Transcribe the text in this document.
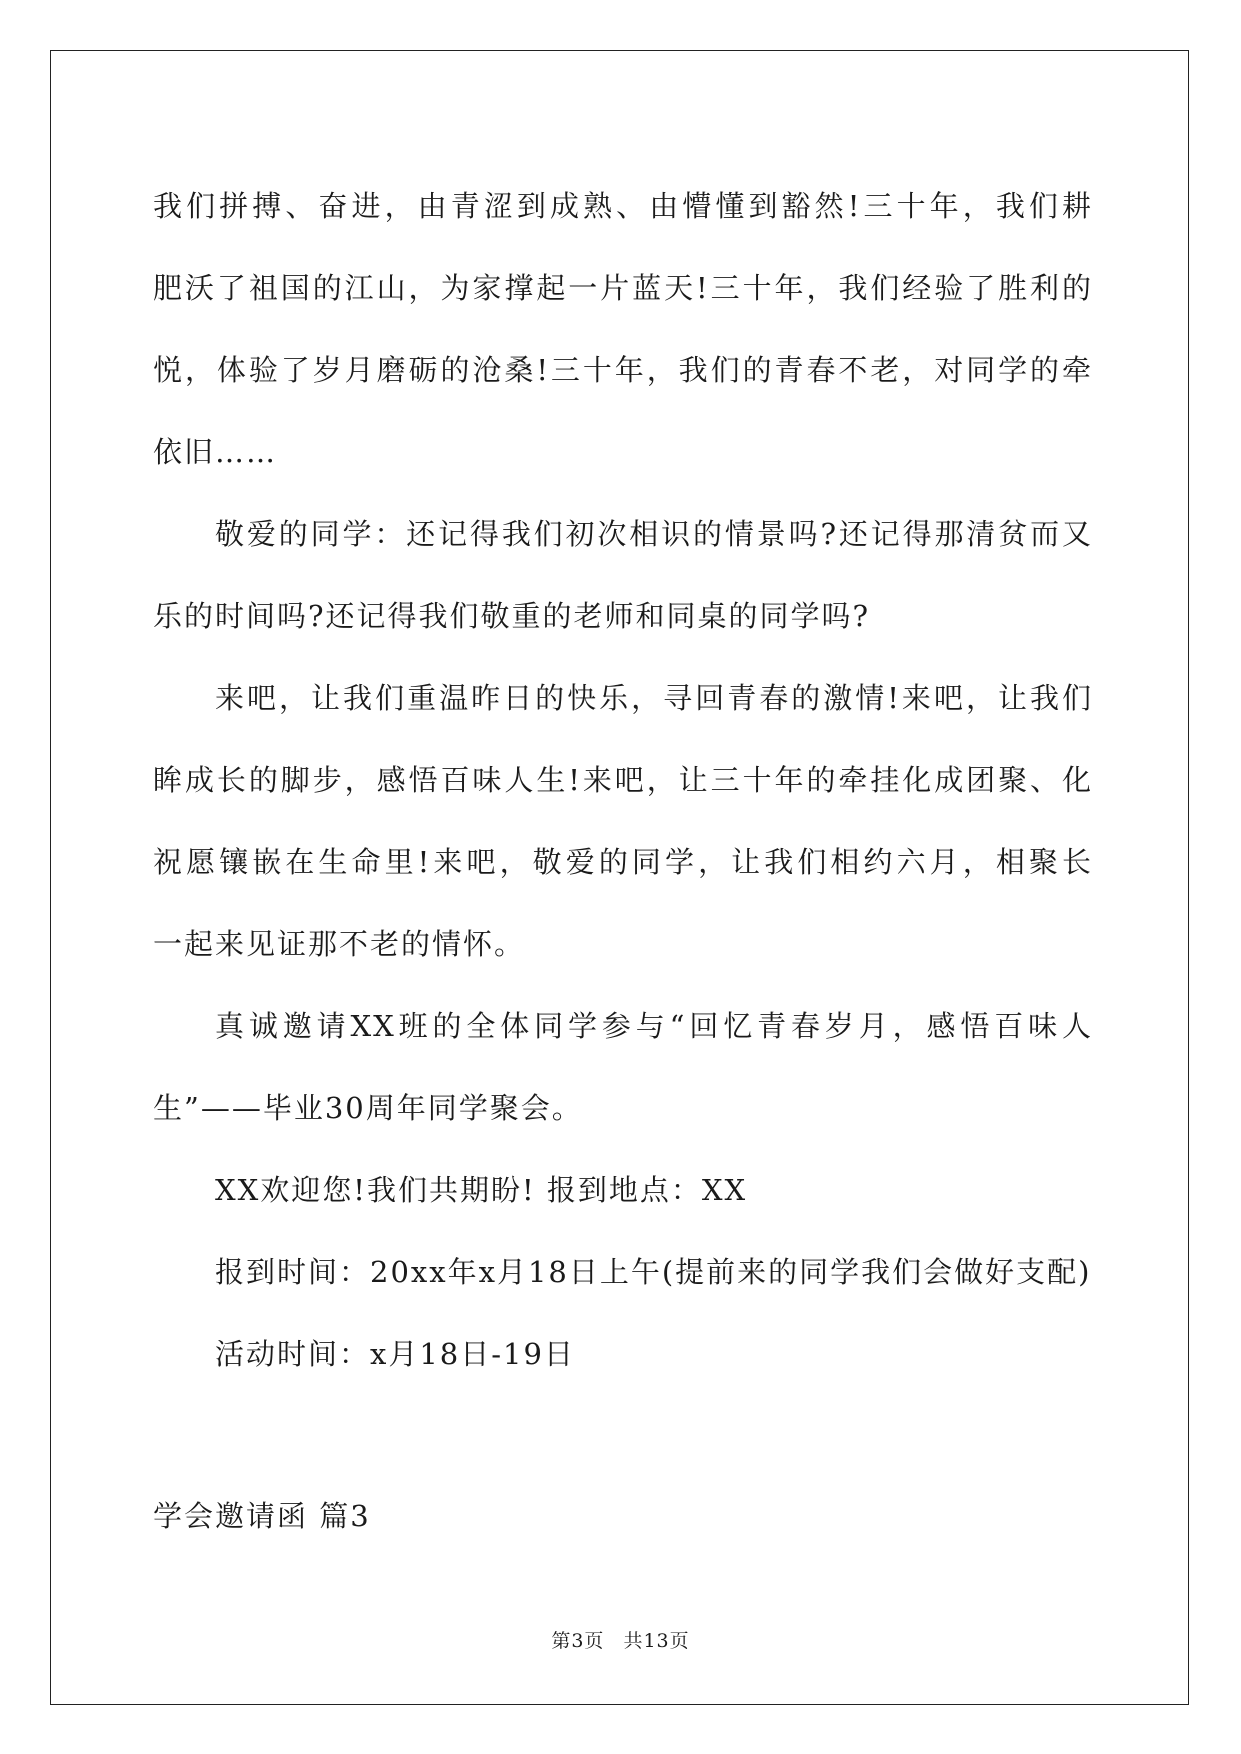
我们拼搏、奋进，由青涩到成熟、由懵懂到豁然!三十年，我们耕
肥沃了祖国的江山，为家撑起一片蓝天!三十年，我们经验了胜利的
悦，体验了岁月磨砺的沧桑!三十年，我们的青春不老，对同学的牵
依旧……
敬爱的同学：还记得我们初次相识的情景吗?还记得那清贫而又
乐的时间吗?还记得我们敬重的老师和同桌的同学吗?
来吧，让我们重温昨日的快乐，寻回青春的激情!来吧，让我们
眸成长的脚步，感悟百味人生!来吧，让三十年的牵挂化成团聚、化
祝愿镶嵌在生命里!来吧，敬爱的同学，让我们相约六月，相聚长
一起来见证那不老的情怀。
真诚邀请XX班的全体同学参与“回忆青春岁月，感悟百味人
生”——毕业30周年同学聚会。
XX欢迎您!我们共期盼! 报到地点：XX
报到时间：20xx年x月18日上午(提前来的同学我们会做好支配)
活动时间：x月18日-19日
学会邀请函 篇3
第3页 共13页
